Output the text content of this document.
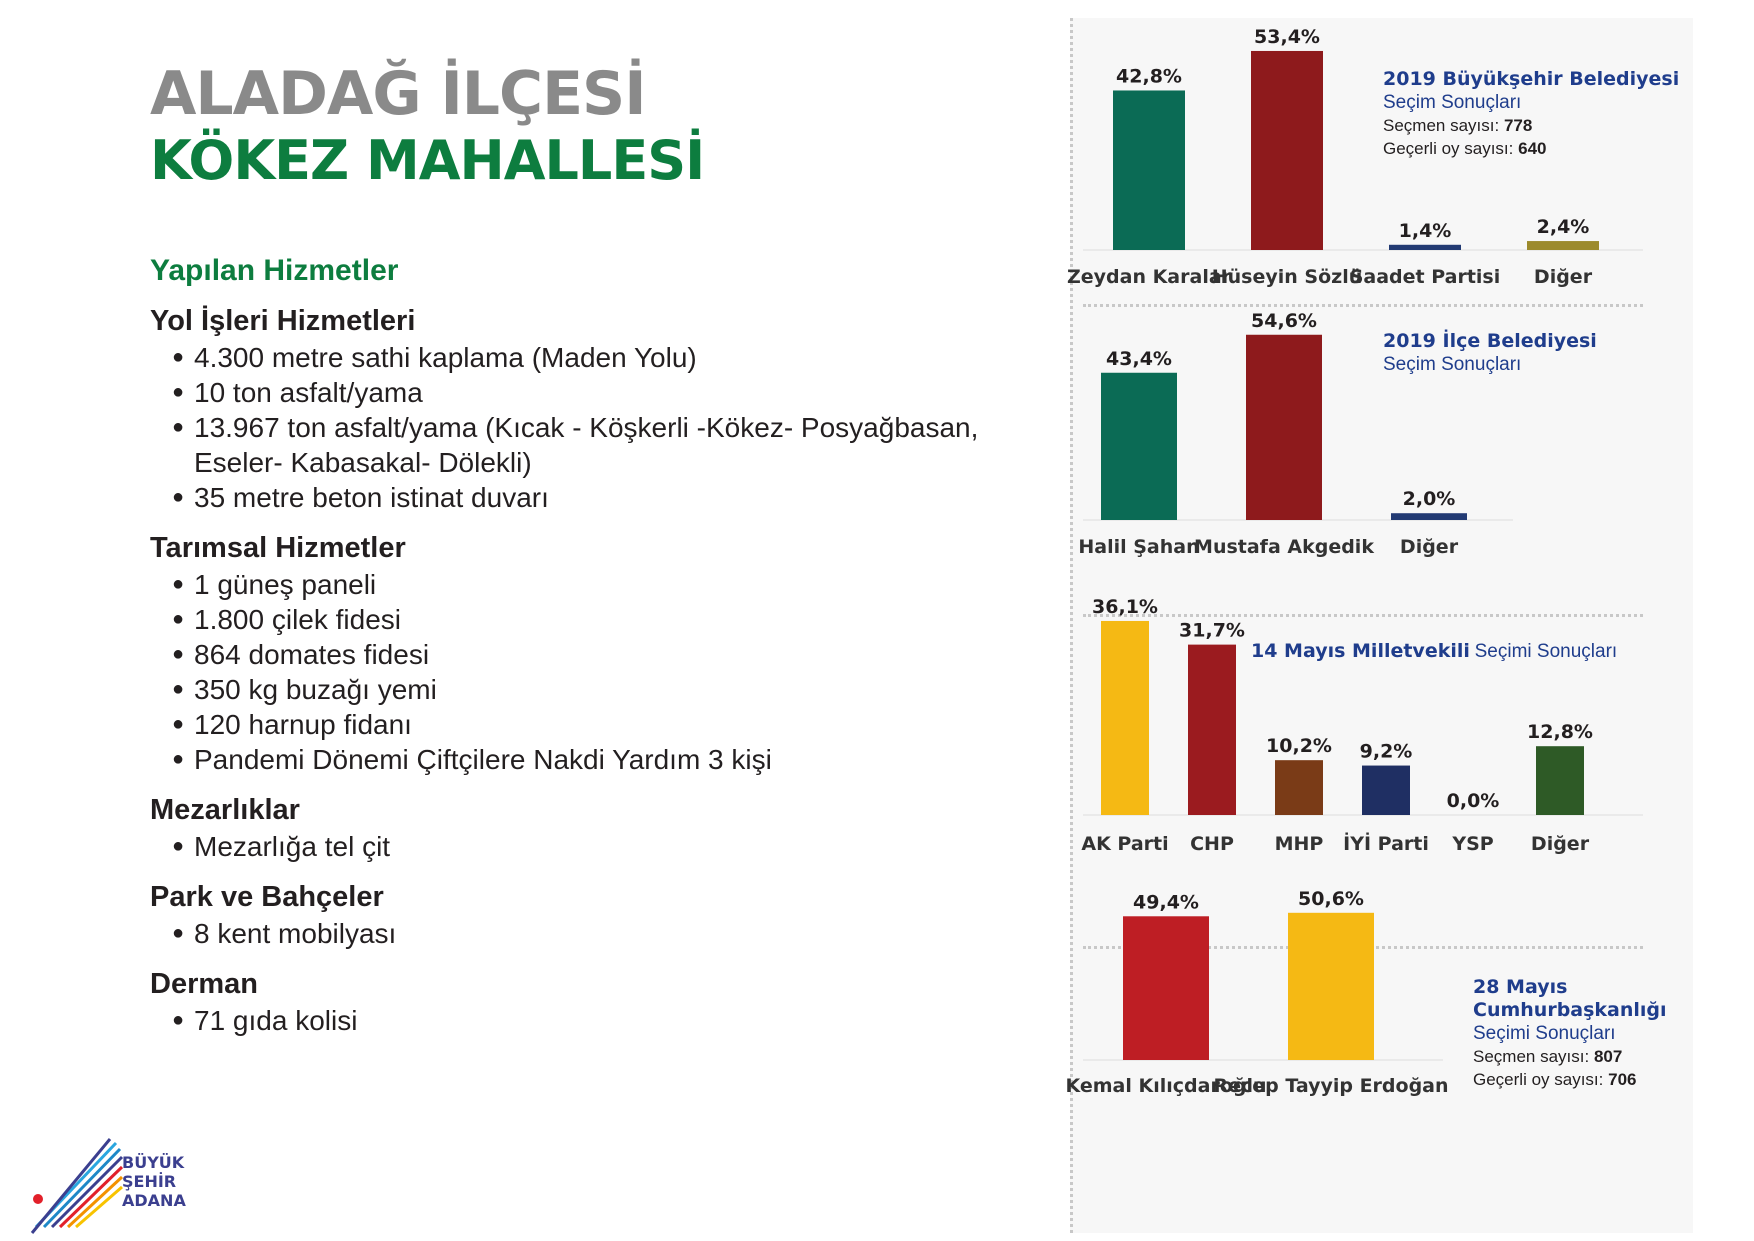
ALADAĞ İLÇESİ
KÖKEZ MAHALLESİ
Yapılan Hizmetler
Yol İşleri Hizmetleri
● 4.300 metre sathi kaplama (Maden Yolu)
● 10 ton asfalt/yama
● 13.967 ton asfalt/yama (Kıcak - Köşkerli -Kökez- Posyağbasan, Eseler- Kabasakal- Dölekli)
● 35 metre beton istinat duvarı
Tarımsal Hizmetler
● 1 güneş paneli
● 1.800 çilek fidesi
● 864 domates fidesi
● 350 kg buzağı yemi
● 120 harnup fidanı
● Pandemi Dönemi Çiftçilere Nakdi Yardım 3 kişi
Mezarlıklar
● Mezarlığa tel çit
Park ve Bahçeler
● 8 kent mobilyası
Derman
● 71 gıda kolisi
BÜYÜK
ŞEHİR
ADANA
42,8%
Zeydan Karalar
53,4%
Hüseyin Sözlü
1,4%
Saadet Partisi
2,4%
Diğer
2019 Büyükşehir Belediyesi
Seçim Sonuçları
Seçmen sayısı: 778
Geçerli oy sayısı: 640
43,4%
Halil Şahan
54,6%
Mustafa Akgedik
2,0%
Diğer
2019 İlçe Belediyesi
Seçim Sonuçları
36,1%
AK Parti
31,7%
CHP
10,2%
MHP
9,2%
İYİ Parti
0,0%
YSP
12,8%
Diğer
14 Mayıs Milletvekili Seçimi Sonuçları
49,4%
Kemal Kılıçdaroğlu
50,6%
Recep Tayyip Erdoğan
28 Mayıs Cumhurbaşkanlığı
Seçimi Sonuçları
Seçmen sayısı: 807
Geçerli oy sayısı: 706
